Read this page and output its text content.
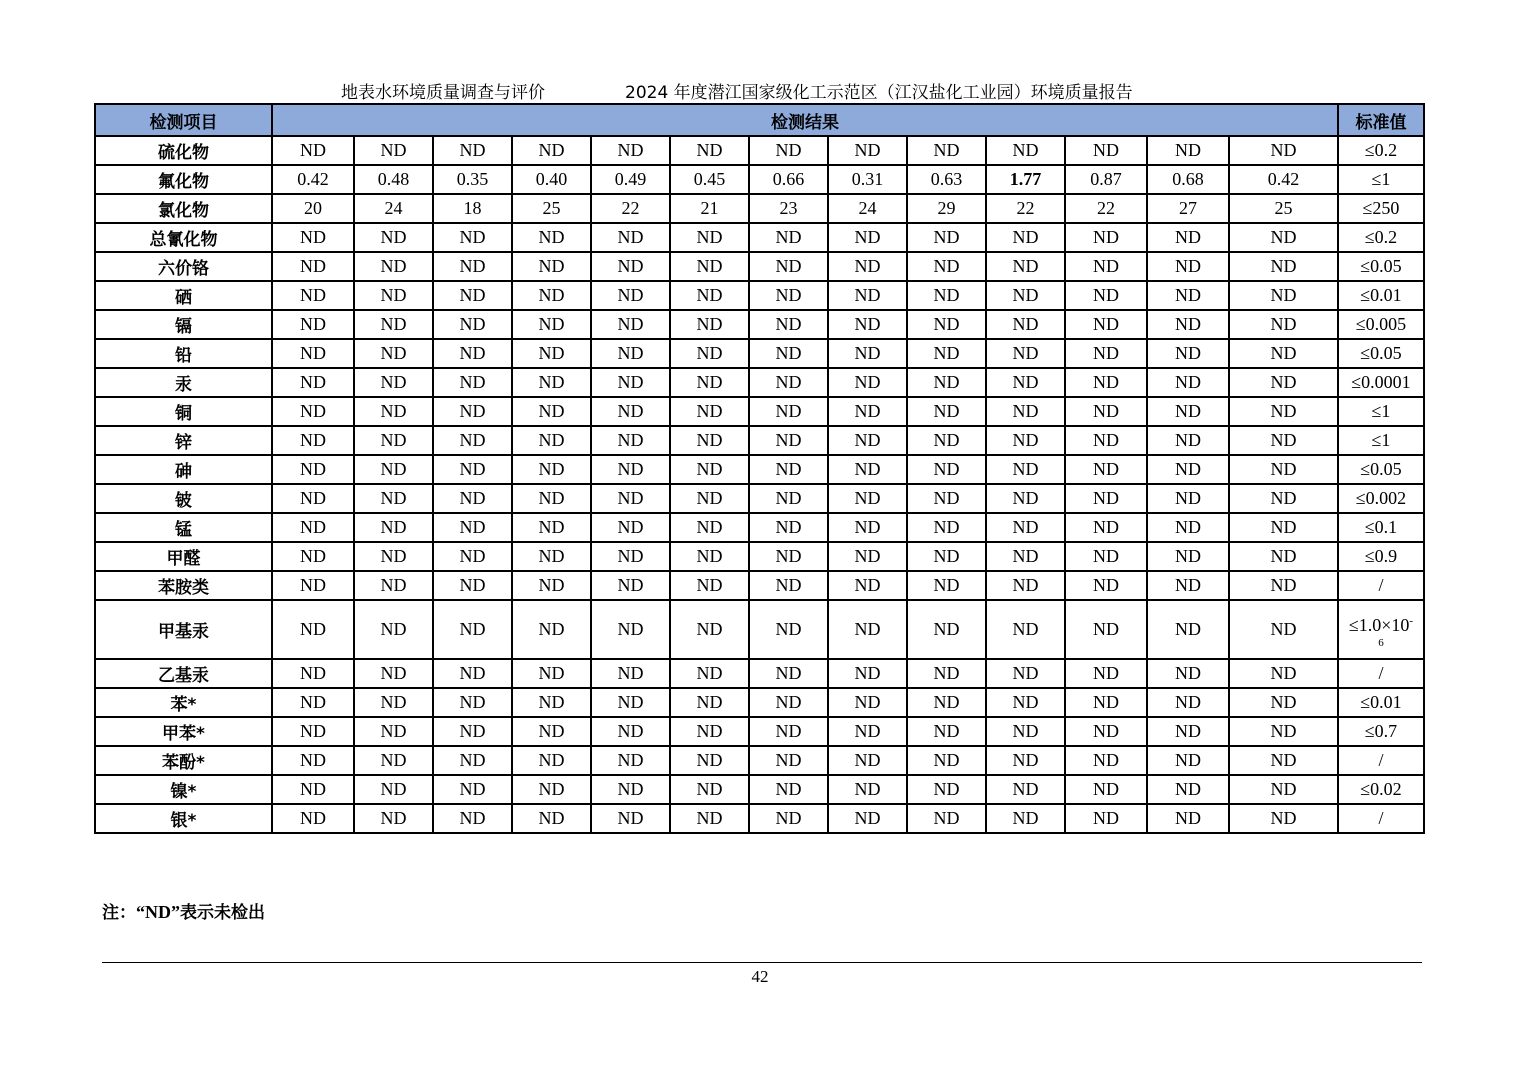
地表水环境质量调查与评价	2024 年度潜江国家级化工示范区（江汉盐化工业园）环境质量报告
检测项目	检测结果													标准值
硫化物	ND	ND	ND	ND	ND	ND	ND	ND	ND	ND	ND	ND	ND	≤0.2
氟化物	0.42	0.48	0.35	0.40	0.49	0.45	0.66	0.31	0.63	1.77	0.87	0.68	0.42	≤1
氯化物	20	24	18	25	22	21	23	24	29	22	22	27	25	≤250
总氰化物	ND	ND	ND	ND	ND	ND	ND	ND	ND	ND	ND	ND	ND	≤0.2
六价铬	ND	ND	ND	ND	ND	ND	ND	ND	ND	ND	ND	ND	ND	≤0.05
硒	ND	ND	ND	ND	ND	ND	ND	ND	ND	ND	ND	ND	ND	≤0.01
镉	ND	ND	ND	ND	ND	ND	ND	ND	ND	ND	ND	ND	ND	≤0.005
铅	ND	ND	ND	ND	ND	ND	ND	ND	ND	ND	ND	ND	ND	≤0.05
汞	ND	ND	ND	ND	ND	ND	ND	ND	ND	ND	ND	ND	ND	≤0.0001
铜	ND	ND	ND	ND	ND	ND	ND	ND	ND	ND	ND	ND	ND	≤1
锌	ND	ND	ND	ND	ND	ND	ND	ND	ND	ND	ND	ND	ND	≤1
砷	ND	ND	ND	ND	ND	ND	ND	ND	ND	ND	ND	ND	ND	≤0.05
铍	ND	ND	ND	ND	ND	ND	ND	ND	ND	ND	ND	ND	ND	≤0.002
锰	ND	ND	ND	ND	ND	ND	ND	ND	ND	ND	ND	ND	ND	≤0.1
甲醛	ND	ND	ND	ND	ND	ND	ND	ND	ND	ND	ND	ND	ND	≤0.9
苯胺类	ND	ND	ND	ND	ND	ND	ND	ND	ND	ND	ND	ND	ND	/
甲基汞	ND	ND	ND	ND	ND	ND	ND	ND	ND	ND	ND	ND	ND	≤1.0×10-
6

乙基汞	ND	ND	ND	ND	ND	ND	ND	ND	ND	ND	ND	ND	ND	/
苯*	ND	ND	ND	ND	ND	ND	ND	ND	ND	ND	ND	ND	ND	≤0.01
甲苯*	ND	ND	ND	ND	ND	ND	ND	ND	ND	ND	ND	ND	ND	≤0.7
苯酚*	ND	ND	ND	ND	ND	ND	ND	ND	ND	ND	ND	ND	ND	/
镍*	ND	ND	ND	ND	ND	ND	ND	ND	ND	ND	ND	ND	ND	≤0.02
银*	ND	ND	ND	ND	ND	ND	ND	ND	ND	ND	ND	ND	ND	/
注：“ND”表示未检出
42
